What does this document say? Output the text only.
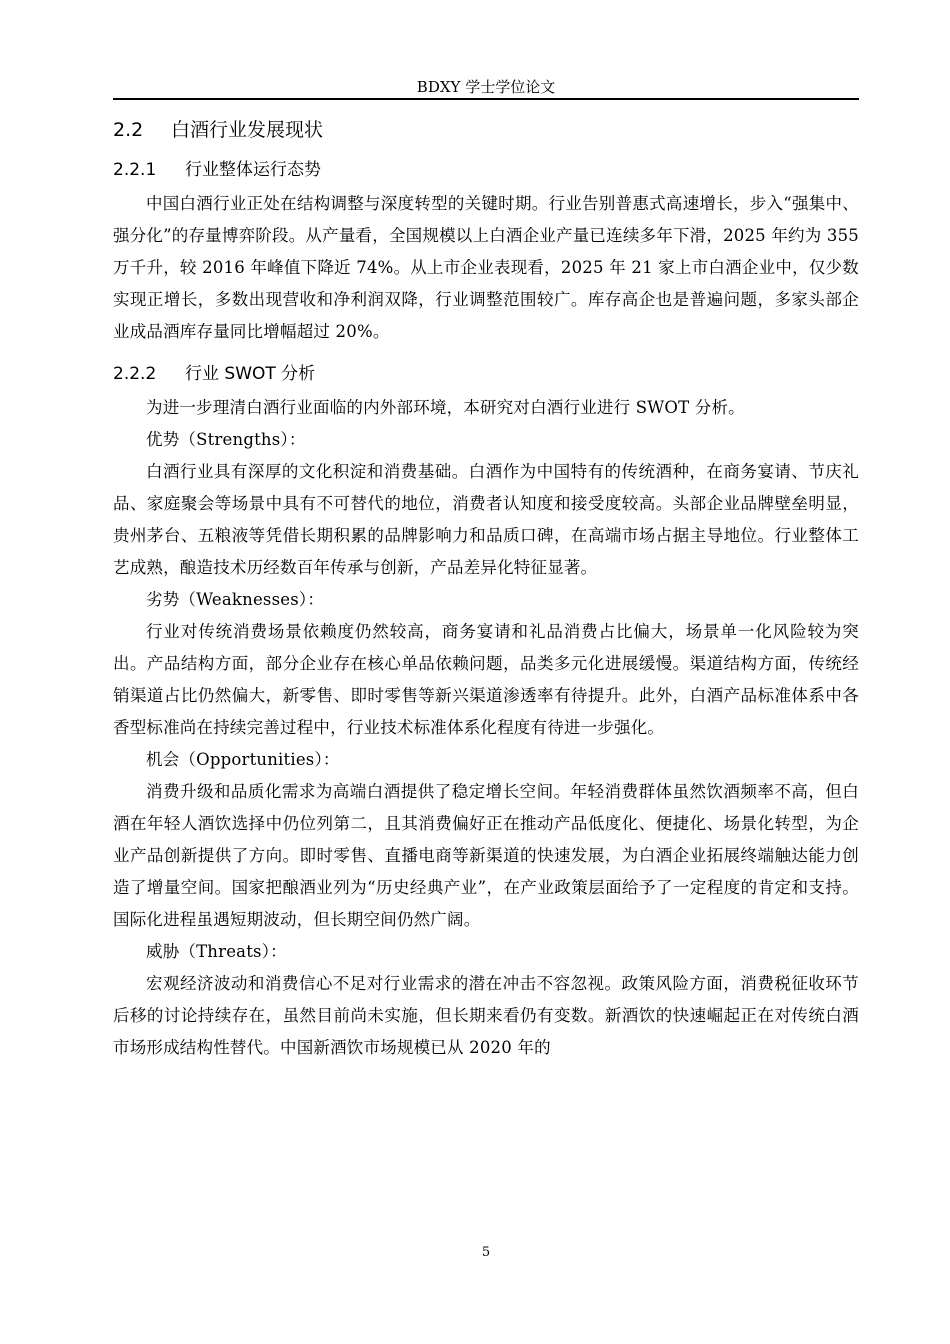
BDXY 学士学位论文
2.2 白酒行业发展现状
2.2.1 行业整体运行态势

中国白酒行业正处在结构调整与深度转型的关键时期。行业告别普惠式高速增长，步入“强集中、强分化”的存量博弈阶段。从产量看，全国规模以上白酒企业产量已连续多年下滑，2025 年约为 355 万千升，较 2016 年峰值下降近 74%。从上市企业表现看，2025 年 21 家上市白酒企业中，仅少数实现正增长，多数出现营收和净利润双降，行业调整范围较广。库存高企也是普遍问题，多家头部企业成品酒库存量同比增幅超过 20%。

2.2.2 行业 SWOT 分析

为进一步理清白酒行业面临的内外部环境，本研究对白酒行业进行 SWOT 分析。

优势（Strengths）：

白酒行业具有深厚的文化积淀和消费基础。白酒作为中国特有的传统酒种，在商务宴请、节庆礼品、家庭聚会等场景中具有不可替代的地位，消费者认知度和接受度较高。头部企业品牌壁垒明显，贵州茅台、五粮液等凭借长期积累的品牌影响力和品质口碑，在高端市场占据主导地位。行业整体工艺成熟，酿造技术历经数百年传承与创新，产品差异化特征显著。

劣势（Weaknesses）：

行业对传统消费场景依赖度仍然较高，商务宴请和礼品消费占比偏大，场景单一化风险较为突出。产品结构方面，部分企业存在核心单品依赖问题，品类多元化进展缓慢。渠道结构方面，传统经销渠道占比仍然偏大，新零售、即时零售等新兴渠道渗透率有待提升。此外，白酒产品标准体系中各香型标准尚在持续完善过程中，行业技术标准体系化程度有待进一步强化。

机会（Opportunities）：

消费升级和品质化需求为高端白酒提供了稳定增长空间。年轻消费群体虽然饮酒频率不高，但白酒在年轻人酒饮选择中仍位列第二，且其消费偏好正在推动产品低度化、便捷化、场景化转型，为企业产品创新提供了方向。即时零售、直播电商等新渠道的快速发展，为白酒企业拓展终端触达能力创造了增量空间。国家把酿酒业列为“历史经典产业”，在产业政策层面给予了一定程度的肯定和支持。国际化进程虽遇短期波动，但长期空间仍然广阔。

威胁（Threats）：

宏观经济波动和消费信心不足对行业需求的潜在冲击不容忽视。政策风险方面，消费税征收环节后移的讨论持续存在，虽然目前尚未实施，但长期来看仍有变数。新酒饮的快速崛起正在对传统白酒市场形成结构性替代。中国新酒饮市场规模已从 2020 年的

5
